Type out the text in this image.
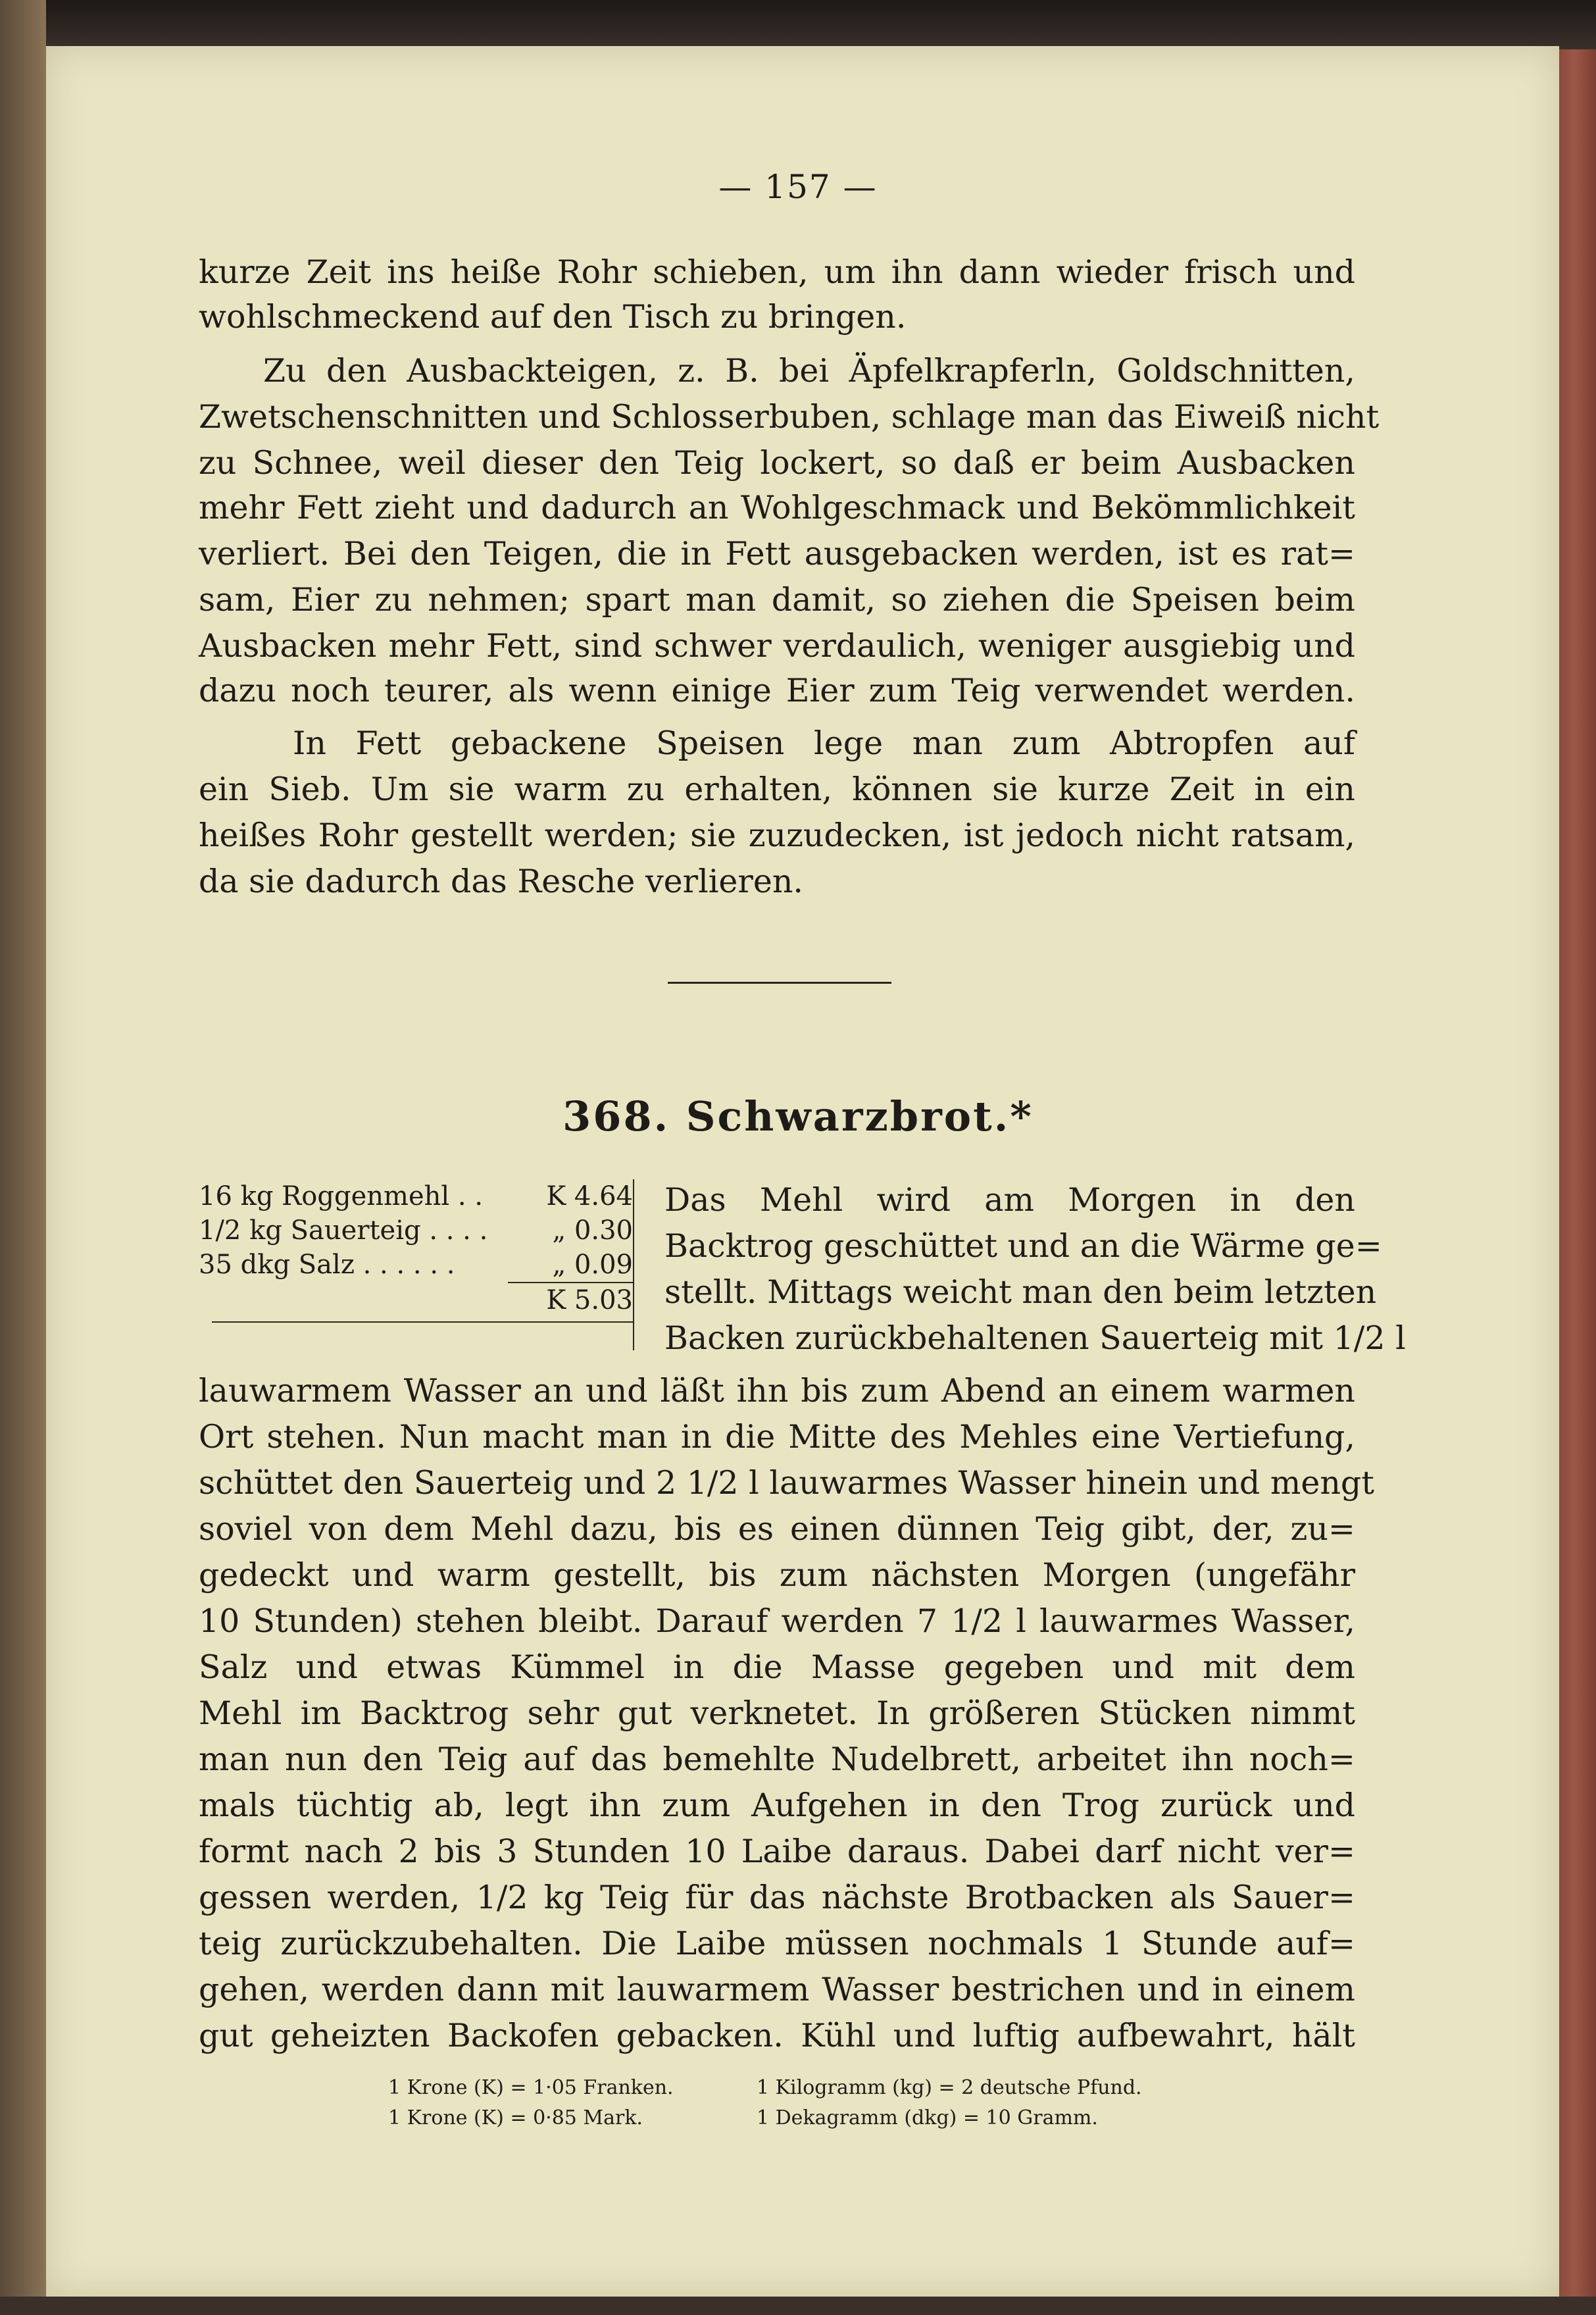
— 157 —

kurze Zeit ins heiße Rohr schieben, um ihn dann wieder frisch und

wohlschmeckend auf den Tisch zu bringen.

Zu den Ausbackteigen, z. B. bei Äpfelkrapferln, Goldschnitten,

Zwetschenschnitten und Schlosserbuben, schlage man das Eiweiß nicht

zu Schnee, weil dieser den Teig lockert, so daß er beim Ausbacken

mehr Fett zieht und dadurch an Wohlgeschmack und Bekömmlichkeit

verliert. Bei den Teigen, die in Fett ausgebacken werden, ist es rat=

sam, Eier zu nehmen; spart man damit, so ziehen die Speisen beim

Ausbacken mehr Fett, sind schwer verdaulich, weniger ausgiebig und

dazu noch teurer, als wenn einige Eier zum Teig verwendet werden.

In Fett gebackene Speisen lege man zum Abtropfen auf

ein Sieb. Um sie warm zu erhalten, können sie kurze Zeit in ein

heißes Rohr gestellt werden; sie zuzudecken, ist jedoch nicht ratsam,

da sie dadurch das Resche verlieren.

368. Schwarzbrot.*
16 kg Roggenmehl . . K 4.64
1/2 kg Sauerteig . . . . „ 0.30
35 dkg Salz . . . . . .	„ 0.09
K 5.03

Das Mehl wird am Morgen in den

Backtrog geschüttet und an die Wärme ge=

stellt. Mittags weicht man den beim letzten

Backen zurückbehaltenen Sauerteig mit 1/2 l

lauwarmem Wasser an und läßt ihn bis zum Abend an einem warmen

Ort stehen. Nun macht man in die Mitte des Mehles eine Vertiefung,

schüttet den Sauerteig und 2 1/2 l lauwarmes Wasser hinein und mengt

soviel von dem Mehl dazu, bis es einen dünnen Teig gibt, der, zu=

gedeckt und warm gestellt, bis zum nächsten Morgen (ungefähr

10 Stunden) stehen bleibt. Darauf werden 7 1/2 l lauwarmes Wasser,

Salz und etwas Kümmel in die Masse gegeben und mit dem

Mehl im Backtrog sehr gut verknetet. In größeren Stücken nimmt

man nun den Teig auf das bemehlte Nudelbrett, arbeitet ihn noch=

mals tüchtig ab, legt ihn zum Aufgehen in den Trog zurück und

formt nach 2 bis 3 Stunden 10 Laibe daraus. Dabei darf nicht ver=

gessen werden, 1/2 kg Teig für das nächste Brotbacken als Sauer=

teig zurückzubehalten. Die Laibe müssen nochmals 1 Stunde auf=

gehen, werden dann mit lauwarmem Wasser bestrichen und in einem

gut geheizten Backofen gebacken. Kühl und luftig aufbewahrt, hält

1 Krone (K) = 1·05 Franken.	1 Kilogramm (kg) = 2 deutsche Pfund.
1 Krone (K) = 0·85 Mark.	1 Dekagramm (dkg) = 10 Gramm.
